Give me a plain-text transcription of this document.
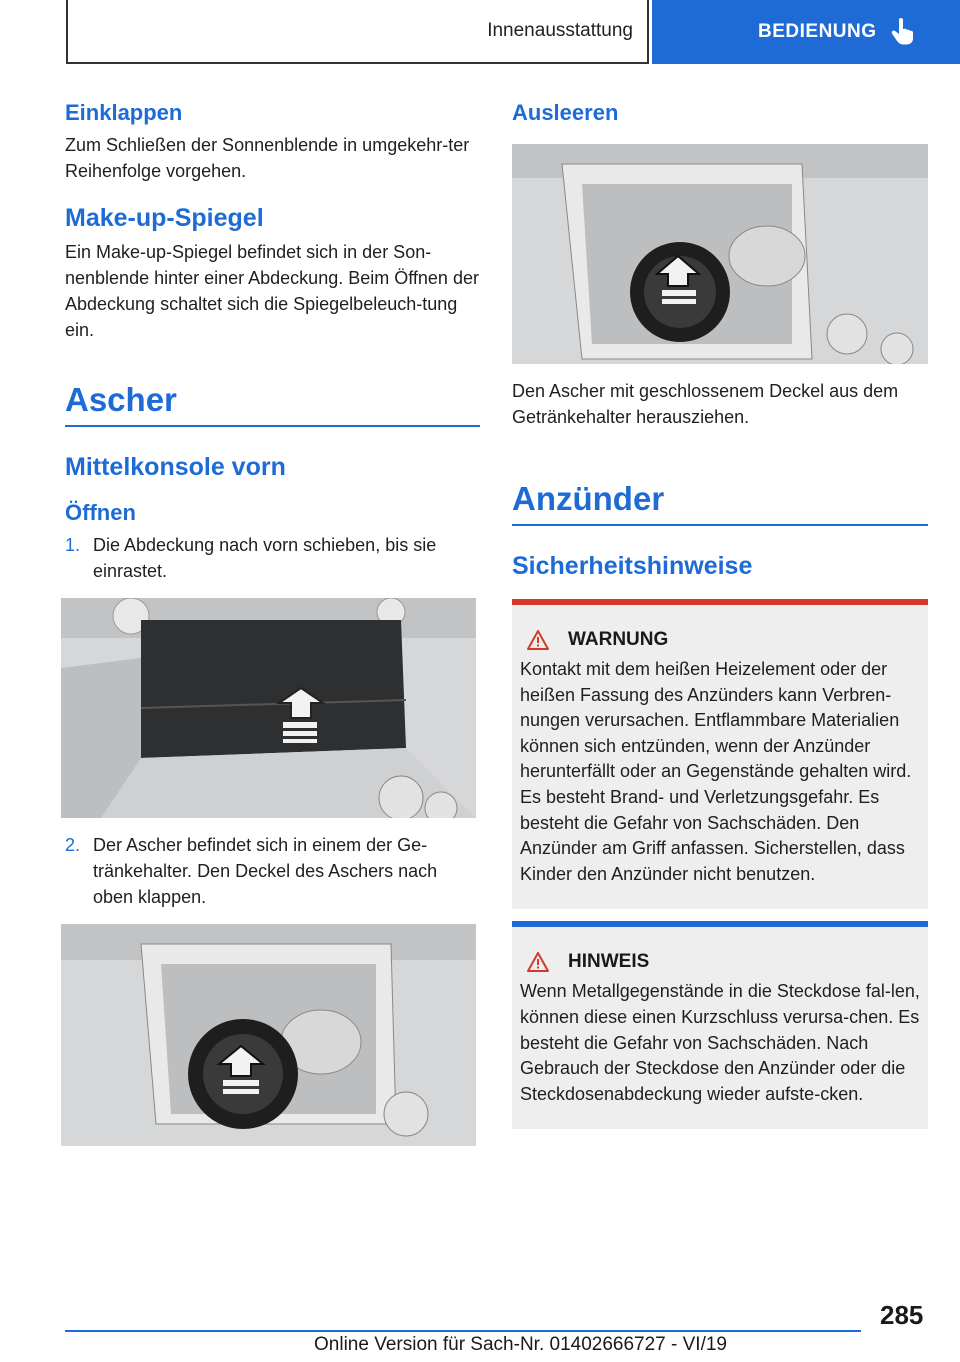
Innenausstattung	BEDIENUNG
Einklappen

Zum Schließen der Sonnenblende in umgekehr‐ter Reihenfolge vorgehen.

Make-up-Spiegel

Ein Make-up-Spiegel befindet sich in der Son‐nenblende hinter einer Abdeckung. Beim Öffnen der Abdeckung schaltet sich die Spiegelbeleuch‐tung ein.

Ascher
Mittelkonsole vorn
Öffnen
1. Die Abdeckung nach vorn schieben, bis sie einrastet.
2. Der Ascher befindet sich in einem der Ge‐tränkehalter. Den Deckel des Aschers nach oben klappen.
Ausleeren

Den Ascher mit geschlossenem Deckel aus dem Getränkehalter herausziehen.

Anzünder
Sicherheitshinweise
WARNUNG

Kontakt mit dem heißen Heizelement oder der heißen Fassung des Anzünders kann Verbren‐nungen verursachen. Entflammbare Materialien können sich entzünden, wenn der Anzünder herunterfällt oder an Gegenstände gehalten wird. Es besteht Brand- und Verletzungsgefahr. Es besteht die Gefahr von Sachschäden. Den Anzünder am Griff anfassen. Sicherstellen, dass Kinder den Anzünder nicht benutzen.

HINWEIS

Wenn Metallgegenstände in die Steckdose fal‐len, können diese einen Kurzschluss verursa‐chen. Es besteht die Gefahr von Sachschäden. Nach Gebrauch der Steckdose den Anzünder oder die Steckdosenabdeckung wieder aufste‐cken.

285
Online Version für Sach-Nr. 01402666727 - VI/19
